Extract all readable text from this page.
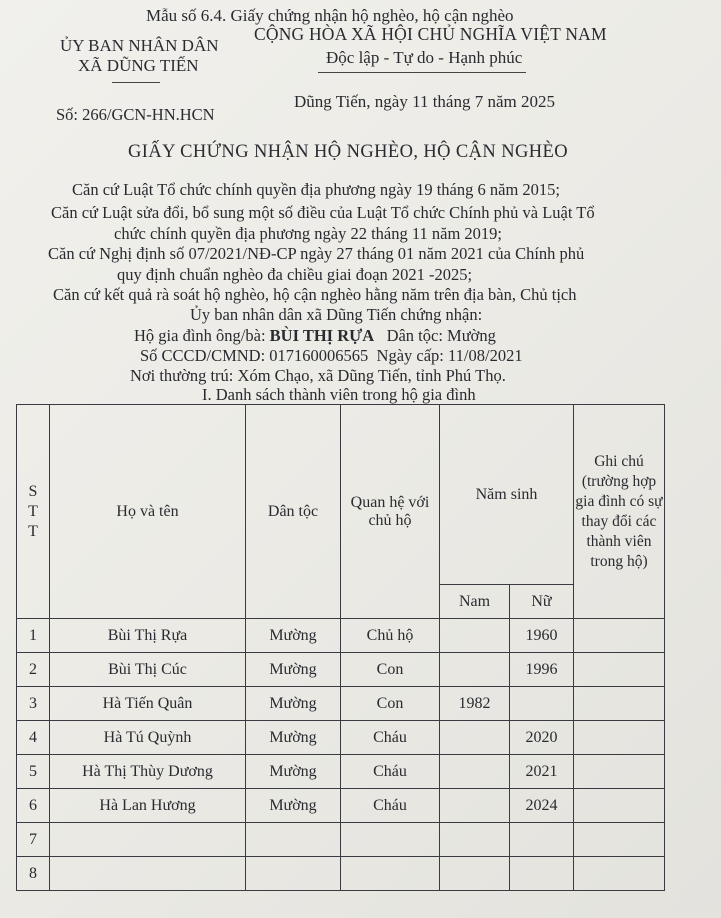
Mẫu số 6.4. Giấy chứng nhận hộ nghèo, hộ cận nghèo
ỦY BAN NHÂN DÂN
XÃ DŨNG TIẾN
CỘNG HÒA XÃ HỘI CHỦ NGHĨA VIỆT NAM
Độc lập - Tự do - Hạnh phúc
Số: 266/GCN-HN.HCN
Dũng Tiến, ngày 11 tháng 7 năm 2025
GIẤY CHỨNG NHẬN HỘ NGHÈO, HỘ CẬN NGHÈO
Căn cứ Luật Tổ chức chính quyền địa phương ngày 19 tháng 6 năm 2015;
Căn cứ Luật sửa đổi, bổ sung một số điều của Luật Tổ chức Chính phủ và Luật Tổ
chức chính quyền địa phương ngày 22 tháng 11 năm 2019;
Căn cứ Nghị định số 07/2021/NĐ-CP ngày 27 tháng 01 năm 2021 của Chính phủ
quy định chuẩn nghèo đa chiều giai đoạn 2021 -2025;
Căn cứ kết quả rà soát hộ nghèo, hộ cận nghèo hằng năm trên địa bàn, Chủ tịch
Ủy ban nhân dân xã Dũng Tiến chứng nhận:
Hộ gia đình ông/bà: BÙI THỊ RỰA Dân tộc: Mường
Số CCCD/CMND: 017160006565 Ngày cấp: 11/08/2021
Nơi thường trú: Xóm Chạo, xã Dũng Tiến, tỉnh Phú Thọ.
I. Danh sách thành viên trong hộ gia đình
S
T
T	Họ và tên	Dân tộc	Quan hệ với chủ hộ	Năm sinh		Ghi chú (trường hợp gia đình có sự thay đổi các thành viên trong hộ)
				Nam	Nữ	
1	Bùi Thị Rựa	Mường	Chủ hộ		1960	
2	Bùi Thị Cúc	Mường	Con		1996	
3	Hà Tiến Quân	Mường	Con	1982		
4	Hà Tú Quỳnh	Mường	Cháu		2020	
5	Hà Thị Thùy Dương	Mường	Cháu		2021	
6	Hà Lan Hương	Mường	Cháu		2024	
7						
8						
